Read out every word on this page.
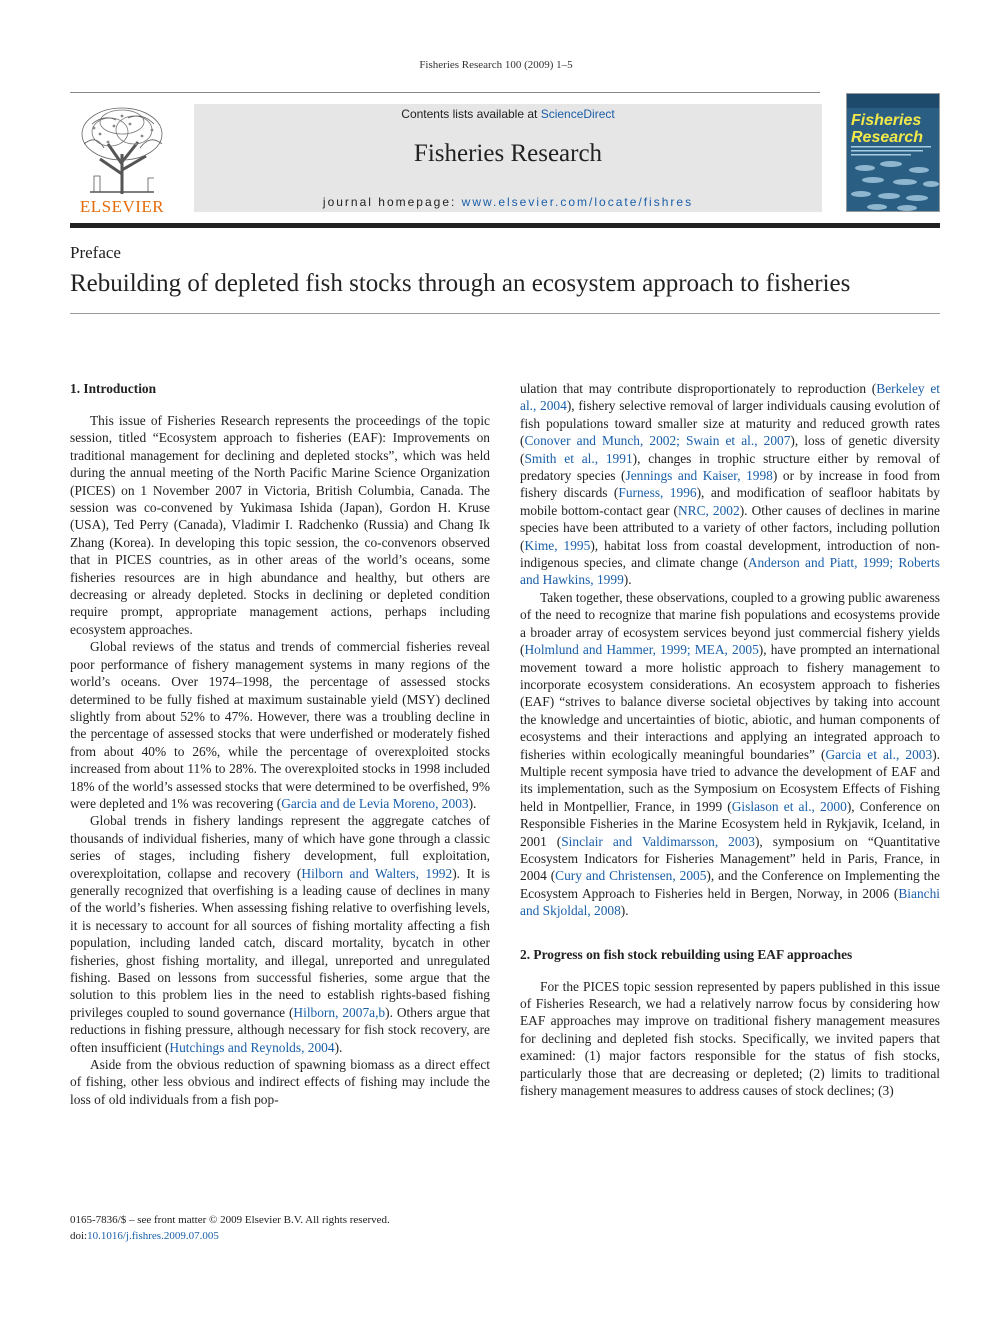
Fisheries Research 100 (2009) 1–5
ELSEVIER
Contents lists available at ScienceDirect
Fisheries Research
journal homepage: www.elsevier.com/locate/fishres
Fisheries
Research
Preface
Rebuilding of depleted fish stocks through an ecosystem approach to fisheries
1. Introduction

This issue of Fisheries Research represents the proceedings of the topic session, titled “Ecosystem approach to fisheries (EAF): Improvements on traditional management for declining and depleted stocks”, which was held during the annual meeting of the North Pacific Marine Science Organization (PICES) on 1 November 2007 in Victoria, British Columbia, Canada. The session was co-convened by Yukimasa Ishida (Japan), Gordon H. Kruse (USA), Ted Perry (Canada), Vladimir I. Radchenko (Russia) and Chang Ik Zhang (Korea). In developing this topic session, the co-convenors observed that in PICES countries, as in other areas of the world’s oceans, some fisheries resources are in high abundance and healthy, but others are decreasing or already depleted. Stocks in declining or depleted condition require prompt, appropriate management actions, perhaps including ecosystem approaches.

Global reviews of the status and trends of commercial fisheries reveal poor performance of fishery management systems in many regions of the world’s oceans. Over 1974–1998, the percentage of assessed stocks determined to be fully fished at maximum sustainable yield (MSY) declined slightly from about 52% to 47%. However, there was a troubling decline in the percentage of assessed stocks that were underfished or moderately fished from about 40% to 26%, while the percentage of overexploited stocks increased from about 11% to 28%. The overexploited stocks in 1998 included 18% of the world’s assessed stocks that were determined to be overfished, 9% were depleted and 1% was recovering (Garcia and de Levia Moreno, 2003).

Global trends in fishery landings represent the aggregate catches of thousands of individual fisheries, many of which have gone through a classic series of stages, including fishery development, full exploitation, overexploitation, collapse and recovery (Hilborn and Walters, 1992). It is generally recognized that overfishing is a leading cause of declines in many of the world’s fisheries. When assessing fishing relative to overfishing levels, it is necessary to account for all sources of fishing mortality affecting a fish population, including landed catch, discard mortality, bycatch in other fisheries, ghost fishing mortality, and illegal, unreported and unregulated fishing. Based on lessons from successful fisheries, some argue that the solution to this problem lies in the need to establish rights-based fishing privileges coupled to sound governance (Hilborn, 2007a,b). Others argue that reductions in fishing pressure, although necessary for fish stock recovery, are often insufficient (Hutchings and Reynolds, 2004).

Aside from the obvious reduction of spawning biomass as a direct effect of fishing, other less obvious and indirect effects of fishing may include the loss of old individuals from a fish pop-

ulation that may contribute disproportionately to reproduction (Berkeley et al., 2004), fishery selective removal of larger individuals causing evolution of fish populations toward smaller size at maturity and reduced growth rates (Conover and Munch, 2002; Swain et al., 2007), loss of genetic diversity (Smith et al., 1991), changes in trophic structure either by removal of predatory species (Jennings and Kaiser, 1998) or by increase in food from fishery discards (Furness, 1996), and modification of seafloor habitats by mobile bottom-contact gear (NRC, 2002). Other causes of declines in marine species have been attributed to a variety of other factors, including pollution (Kime, 1995), habitat loss from coastal development, introduction of non-indigenous species, and climate change (Anderson and Piatt, 1999; Roberts and Hawkins, 1999).

Taken together, these observations, coupled to a growing public awareness of the need to recognize that marine fish populations and ecosystems provide a broader array of ecosystem services beyond just commercial fishery yields (Holmlund and Hammer, 1999; MEA, 2005), have prompted an international movement toward a more holistic approach to fishery management to incorporate ecosystem considerations. An ecosystem approach to fisheries (EAF) “strives to balance diverse societal objectives by taking into account the knowledge and uncertainties of biotic, abiotic, and human components of ecosystems and their interactions and applying an integrated approach to fisheries within ecologically meaningful boundaries” (Garcia et al., 2003). Multiple recent symposia have tried to advance the development of EAF and its implementation, such as the Symposium on Ecosystem Effects of Fishing held in Montpellier, France, in 1999 (Gislason et al., 2000), Conference on Responsible Fisheries in the Marine Ecosystem held in Rykjavik, Iceland, in 2001 (Sinclair and Valdimarsson, 2003), symposium on “Quantitative Ecosystem Indicators for Fisheries Management” held in Paris, France, in 2004 (Cury and Christensen, 2005), and the Conference on Implementing the Ecosystem Approach to Fisheries held in Bergen, Norway, in 2006 (Bianchi and Skjoldal, 2008).

2. Progress on fish stock rebuilding using EAF approaches

For the PICES topic session represented by papers published in this issue of Fisheries Research, we had a relatively narrow focus by considering how EAF approaches may improve on traditional fishery management measures for declining and depleted fish stocks. Specifically, we invited papers that examined: (1) major factors responsible for the status of fish stocks, particularly those that are decreasing or depleted; (2) limits to traditional fishery management measures to address causes of stock declines; (3)

0165-7836/$ – see front matter © 2009 Elsevier B.V. All rights reserved.
doi:10.1016/j.fishres.2009.07.005
